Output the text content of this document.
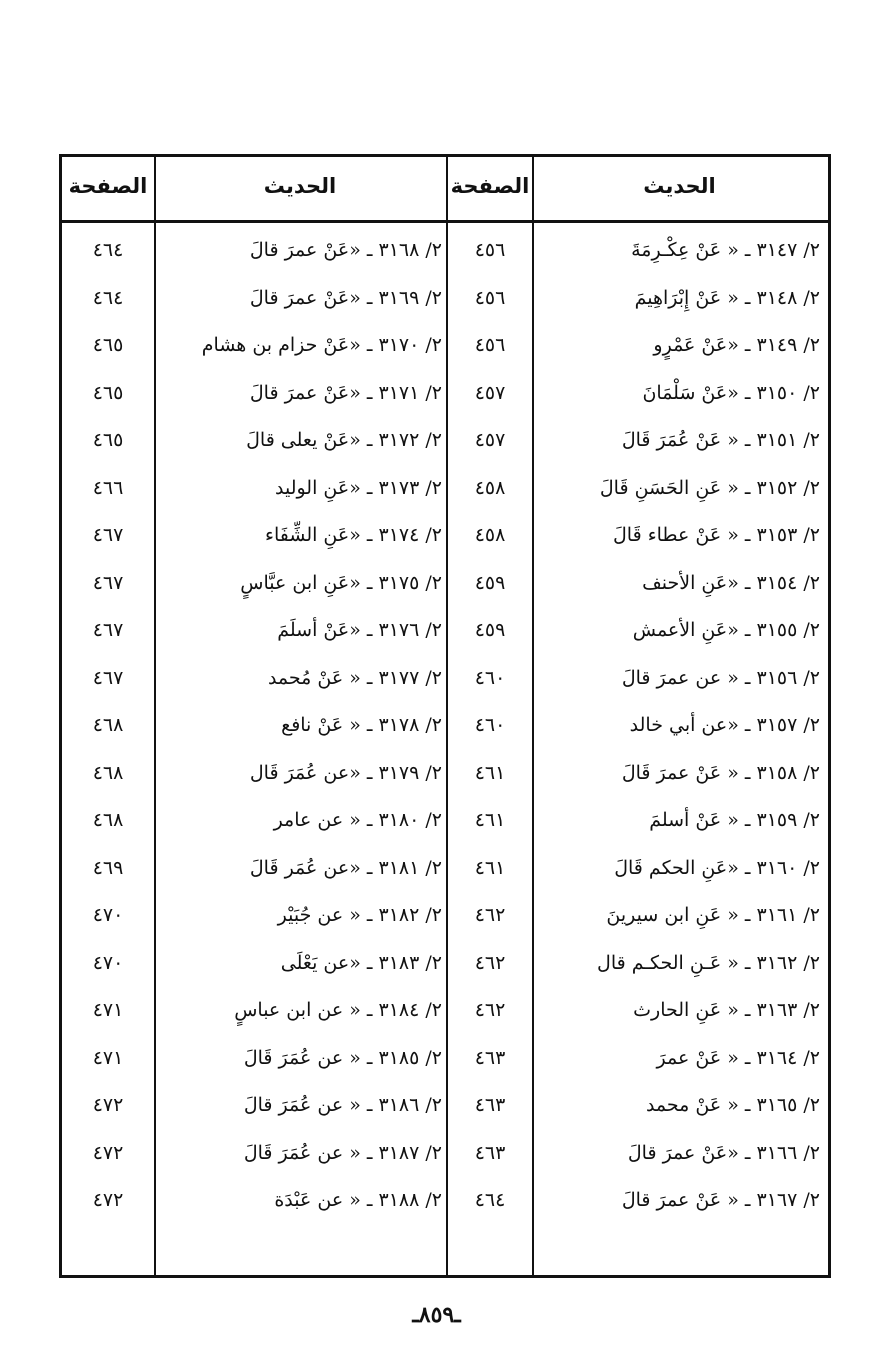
الحديث
الصفحة
الحديث
الصفحة
٢/ ٣١٤٧ ـ « عَنْ عِكْـرِمَةَ
٤٥٦
٢/ ٣١٦٨ ـ «عَنْ عمرَ قالَ
٤٦٤
٢/ ٣١٤٨ ـ « عَنْ إِبْرَاهِيمَ
٤٥٦
٢/ ٣١٦٩ ـ «عَنْ عمرَ قالَ
٤٦٤
٢/ ٣١٤٩ ـ «عَنْ عَمْرٍو
٤٥٦
٢/ ٣١٧٠ ـ «عَنْ حزام بن هشام
٤٦٥
٢/ ٣١٥٠ ـ «عَنْ سَلْمَانَ
٤٥٧
٢/ ٣١٧١ ـ «عَنْ عمرَ قالَ
٤٦٥
٢/ ٣١٥١ ـ « عَنْ عُمَرَ قَالَ
٤٥٧
٢/ ٣١٧٢ ـ «عَنْ يعلى قالَ
٤٦٥
٢/ ٣١٥٢ ـ « عَنِ الحَسَنِ قَالَ
٤٥٨
٢/ ٣١٧٣ ـ «عَنِ الوليد
٤٦٦
٢/ ٣١٥٣ ـ « عَنْ عطاء قَالَ
٤٥٨
٢/ ٣١٧٤ ـ «عَنِ الشِّفَاء
٤٦٧
٢/ ٣١٥٤ ـ «عَنِ الأحنف
٤٥٩
٢/ ٣١٧٥ ـ «عَنِ ابن عبَّاسٍ
٤٦٧
٢/ ٣١٥٥ ـ «عَنِ الأعمش
٤٥٩
٢/ ٣١٧٦ ـ «عَنْ أسلَمَ
٤٦٧
٢/ ٣١٥٦ ـ « عن عمرَ قالَ
٤٦٠
٢/ ٣١٧٧ ـ « عَنْ مُحمد
٤٦٧
٢/ ٣١٥٧ ـ «عن أبي خالد
٤٦٠
٢/ ٣١٧٨ ـ « عَنْ نافع
٤٦٨
٢/ ٣١٥٨ ـ « عَنْ عمرَ قَالَ
٤٦١
٢/ ٣١٧٩ ـ «عن عُمَرَ قَال
٤٦٨
٢/ ٣١٥٩ ـ « عَنْ أسلمَ
٤٦١
٢/ ٣١٨٠ ـ « عن عامر
٤٦٨
٢/ ٣١٦٠ ـ «عَنِ الحكم قَالَ
٤٦١
٢/ ٣١٨١ ـ «عن عُمَر قَالَ
٤٦٩
٢/ ٣١٦١ ـ « عَنِ ابن سيرينَ
٤٦٢
٢/ ٣١٨٢ ـ « عن جُبَيْر
٤٧٠
٢/ ٣١٦٢ ـ « عَـنِ الحكـم قال
٤٦٢
٢/ ٣١٨٣ ـ «عن يَعْلَى
٤٧٠
٢/ ٣١٦٣ ـ « عَنِ الحارث
٤٦٢
٢/ ٣١٨٤ ـ « عن ابن عباسٍ
٤٧١
٢/ ٣١٦٤ ـ « عَنْ عمرَ
٤٦٣
٢/ ٣١٨٥ ـ « عن عُمَرَ قَالَ
٤٧١
٢/ ٣١٦٥ ـ « عَنْ محمد
٤٦٣
٢/ ٣١٨٦ ـ « عن عُمَرَ قالَ
٤٧٢
٢/ ٣١٦٦ ـ «عَنْ عمرَ قالَ
٤٦٣
٢/ ٣١٨٧ ـ « عن عُمَرَ قَالَ
٤٧٢
٢/ ٣١٦٧ ـ « عَنْ عمرَ قالَ
٤٦٤
٢/ ٣١٨٨ ـ « عن عَبْدَة
٤٧٢
ـ٨٥٩ـ
